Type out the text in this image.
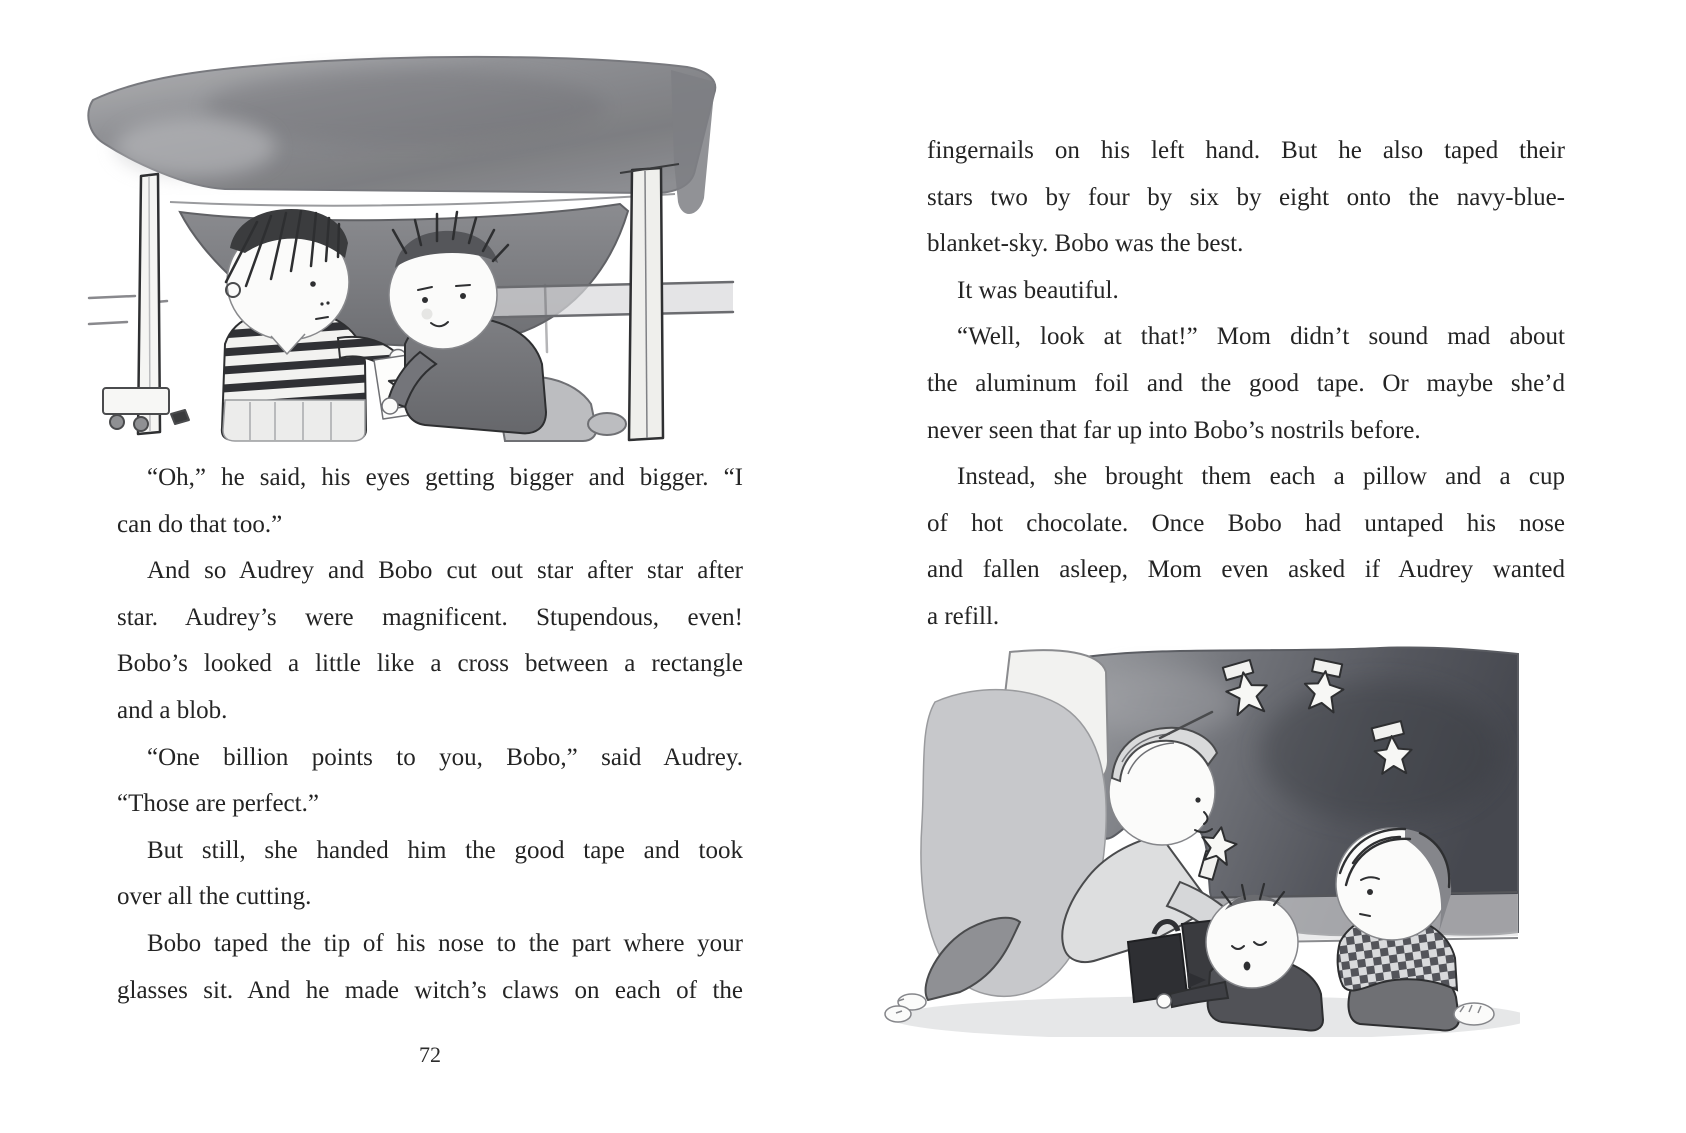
“Oh,” he said, his eyes getting bigger and bigger. “I
can do that too.”
And so Audrey and Bobo cut out star after star after
star. Audrey’s were magnificent. Stupendous, even!
Bobo’s looked a little like a cross between a rectangle
and a blob.
“One billion points to you, Bobo,” said Audrey.
“Those are perfect.”
But still, she handed him the good tape and took
over all the cutting.
Bobo taped the tip of his nose to the part where your
glasses sit. And he made witch’s claws on each of the
72
fingernails on his left hand. But he also taped their
stars two by four by six by eight onto the navy-blue-
blanket-sky. Bobo was the best.
It was beautiful.
“Well, look at that!” Mom didn’t sound mad about
the aluminum foil and the good tape. Or maybe she’d
never seen that far up into Bobo’s nostrils before.
Instead, she brought them each a pillow and a cup
of hot chocolate. Once Bobo had untaped his nose
and fallen asleep, Mom even asked if Audrey wanted
a refill.
